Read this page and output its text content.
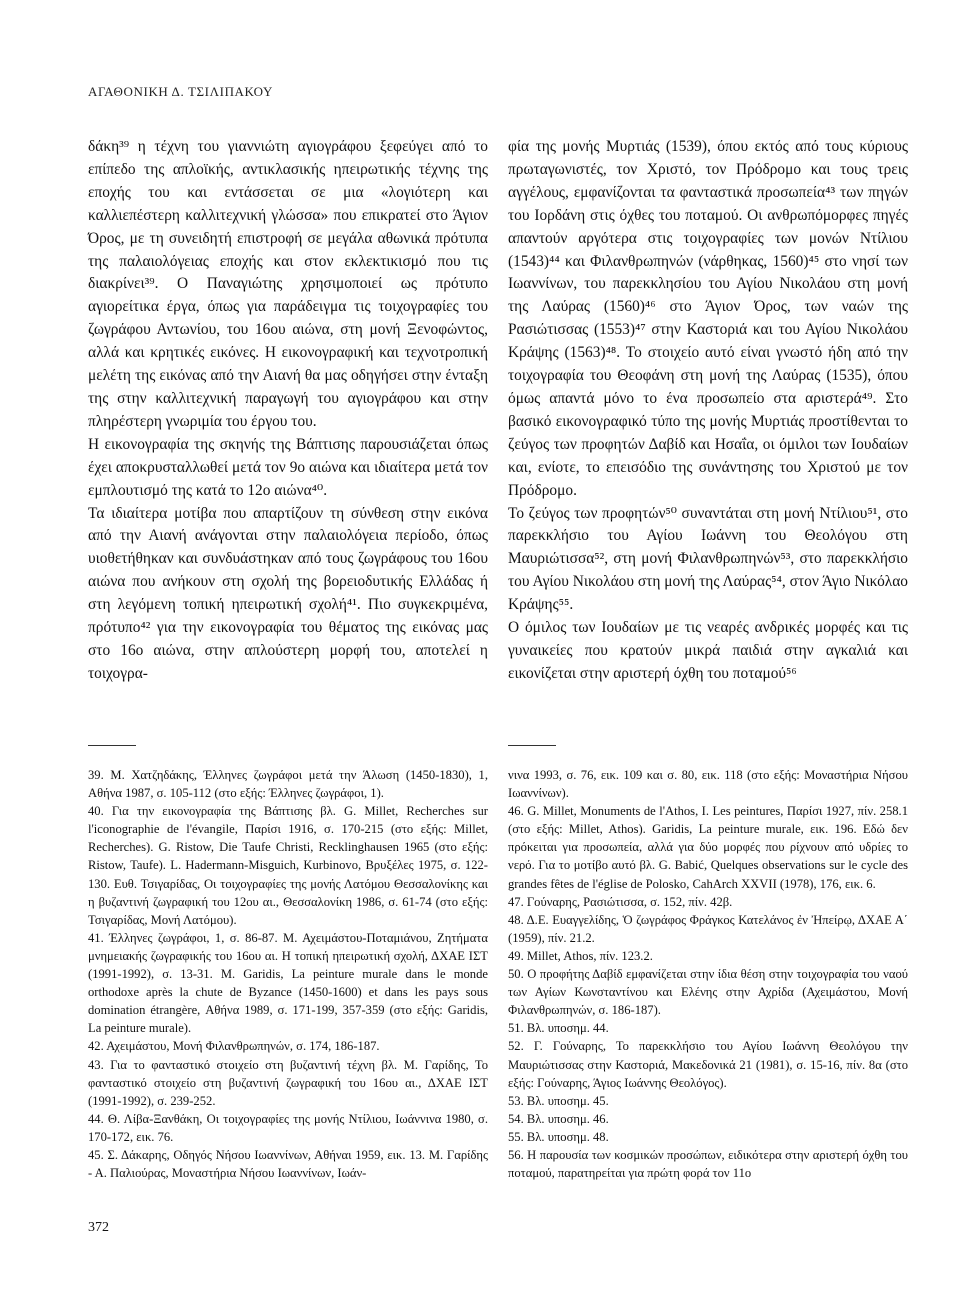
ΑΓΑΘΟΝΙΚΗ Δ. ΤΣΙΛΙΠΑΚΟΥ

δάκη³⁹ η τέχνη του γιαννιώτη αγιογράφου ξεφεύγει από το επίπεδο της απλοϊκής, αντικλασικής ηπειρωτικής τέχνης της εποχής του και εντάσσεται σε μια «λογιότερη και καλλιεπέστερη καλλιτεχνική γλώσσα» που επικρατεί στο Άγιον Όρος, με τη συνειδητή επιστροφή σε μεγάλα αθωνικά πρότυπα της παλαιολόγειας εποχής και στον εκλεκτικισμό που τις διακρίνει³⁹. Ο Παναγιώτης χρησιμοποιεί ως πρότυπο αγιορείτικα έργα, όπως για παράδειγμα τις τοιχογραφίες του ζωγράφου Αντωνίου, του 16ου αιώνα, στη μονή Ξενοφώντος, αλλά και κρητικές εικόνες. Η εικονογραφική και τεχνοτροπική μελέτη της εικόνας από την Αιανή θα μας οδηγήσει στην ένταξη της στην καλλιτεχνική παραγωγή του αγιογράφου και στην πληρέστερη γνωριμία του έργου του.

Η εικονογραφία της σκηνής της Βάπτισης παρουσιάζεται όπως έχει αποκρυσταλλωθεί μετά τον 9ο αιώνα και ιδιαίτερα μετά τον εμπλουτισμό της κατά το 12ο αιώνα⁴⁰.

Τα ιδιαίτερα μοτίβα που απαρτίζουν τη σύνθεση στην εικόνα από την Αιανή ανάγονται στην παλαιολόγεια περίοδο, όπως υιοθετήθηκαν και συνδυάστηκαν από τους ζωγράφους του 16ου αιώνα που ανήκουν στη σχολή της βορειοδυτικής Ελλάδας ή στη λεγόμενη τοπική ηπειρωτική σχολή⁴¹. Πιο συγκεκριμένα, πρότυπο⁴² για την εικονογραφία του θέματος της εικόνας μας στο 16ο αιώνα, στην απλούστερη μορφή του, αποτελεί η τοιχογρα-

φία της μονής Μυρτιάς (1539), όπου εκτός από τους κύριους πρωταγωνιστές, τον Χριστό, τον Πρόδρομο και τους τρεις αγγέλους, εμφανίζονται τα φανταστικά προσωπεία⁴³ των πηγών του Ιορδάνη στις όχθες του ποταμού. Οι ανθρωπόμορφες πηγές απαντούν αργότερα στις τοιχογραφίες των μονών Ντίλιου (1543)⁴⁴ και Φιλανθρωπηνών (νάρθηκας, 1560)⁴⁵ στο νησί των Ιωαννίνων, του παρεκκλησίου του Αγίου Νικολάου στη μονή της Λαύρας (1560)⁴⁶ στο Άγιον Όρος, των ναών της Ρασιώτισσας (1553)⁴⁷ στην Καστοριά και του Αγίου Νικολάου Κράψης (1563)⁴⁸. Το στοιχείο αυτό είναι γνωστό ήδη από την τοιχογραφία του Θεοφάνη στη μονή της Λαύρας (1535), όπου όμως απαντά μόνο το ένα προσωπείο στα αριστερά⁴⁹. Στο βασικό εικονογραφικό τύπο της μονής Μυρτιάς προστίθενται το ζεύγος των προφητών Δαβίδ και Ησαΐα, οι όμιλοι των Ιουδαίων και, ενίοτε, το επεισόδιο της συνάντησης του Χριστού με τον Πρόδρομο.

Το ζεύγος των προφητών⁵⁰ συναντάται στη μονή Ντίλιου⁵¹, στο παρεκκλήσιο του Αγίου Ιωάννη του Θεολόγου στη Μαυριώτισσα⁵², στη μονή Φιλανθρωπηνών⁵³, στο παρεκκλήσιο του Αγίου Νικολάου στη μονή της Λαύρας⁵⁴, στον Άγιο Νικόλαο Κράψης⁵⁵.

Ο όμιλος των Ιουδαίων με τις νεαρές ανδρικές μορφές και τις γυναικείες που κρατούν μικρά παιδιά στην αγκαλιά και εικονίζεται στην αριστερή όχθη του ποταμού⁵⁶

39. Μ. Χατζηδάκης, Έλληνες ζωγράφοι μετά την Άλωση (1450-1830), 1, Αθήνα 1987, σ. 105-112 (στο εξής: Έλληνες ζωγράφοι, 1).

40. Για την εικονογραφία της Βάπτισης βλ. G. Millet, Recherches sur l'iconographie de l'évangile, Παρίσι 1916, σ. 170-215 (στο εξής: Millet, Recherches). G. Ristow, Die Taufe Christi, Recklinghausen 1965 (στο εξής: Ristow, Taufe). L. Hadermann-Misguich, Kurbinovo, Βρυξέλες 1975, σ. 122-130. Ευθ. Τσιγαρίδας, Οι τοιχογραφίες της μονής Λατόμου Θεσσαλονίκης και η βυζαντινή ζωγραφική του 12ου αι., Θεσσαλονίκη 1986, σ. 61-74 (στο εξής: Τσιγαρίδας, Μονή Λατόμου).

41. Έλληνες ζωγράφοι, 1, σ. 86-87. Μ. Αχειμάστου-Ποταμιάνου, Ζητήματα μνημειακής ζωγραφικής του 16ου αι. Η τοπική ηπειρωτική σχολή, ΔΧΑΕ ΙΣΤ (1991-1992), σ. 13-31. M. Garidis, La peinture murale dans le monde orthodoxe après la chute de Byzance (1450-1600) et dans les pays sous domination étrangère, Αθήνα 1989, σ. 171-199, 357-359 (στο εξής: Garidis, La peinture murale).

42. Αχειμάστου, Μονή Φιλανθρωπηνών, σ. 174, 186-187.

43. Για το φανταστικό στοιχείο στη βυζαντινή τέχνη βλ. Μ. Γαρίδης, Το φανταστικό στοιχείο στη βυζαντινή ζωγραφική του 16ου αι., ΔΧΑΕ ΙΣΤ (1991-1992), σ. 239-252.

44. Θ. Λίβα-Ξανθάκη, Οι τοιχογραφίες της μονής Ντίλιου, Ιωάννινα 1980, σ. 170-172, εικ. 76.

45. Σ. Δάκαρης, Οδηγός Νήσου Ιωαννίνων, Αθήναι 1959, εικ. 13. Μ. Γαρίδης - Α. Παλιούρας, Μοναστήρια Νήσου Ιωαννίνων, Ιωάν-

νινα 1993, σ. 76, εικ. 109 και σ. 80, εικ. 118 (στο εξής: Μοναστήρια Νήσου Ιωαννίνων).

46. G. Millet, Monuments de l'Athos, I. Les peintures, Παρίσι 1927, πίν. 258.1 (στο εξής: Millet, Athos). Garidis, La peinture murale, εικ. 196. Εδώ δεν πρόκειται για προσωπεία, αλλά για δύο μορφές που ρίχνουν από υδρίες το νερό. Για το μοτίβο αυτό βλ. G. Babić, Quelques observations sur le cycle des grandes fêtes de l'église de Polosko, CahArch XXVII (1978), 176, εικ. 6.

47. Γούναρης, Ρασιώτισσα, σ. 152, πίν. 42β.

48. Δ.Ε. Ευαγγελίδης, Ὁ ζωγράφος Φράγκος Κατελάνος ἐν Ἠπείρῳ, ΔΧΑΕ Α΄ (1959), πίν. 21.2.

49. Millet, Athos, πίν. 123.2.

50. Ο προφήτης Δαβίδ εμφανίζεται στην ίδια θέση στην τοιχογραφία του ναού των Αγίων Κωνσταντίνου και Ελένης στην Αχρίδα (Αχειμάστου, Μονή Φιλανθρωπηνών, σ. 186-187).

51. Βλ. υποσημ. 44.

52. Γ. Γούναρης, Το παρεκκλήσιο του Αγίου Ιωάννη Θεολόγου την Μαυριώτισσας στην Καστοριά, Μακεδονικά 21 (1981), σ. 15-16, πίν. 8α (στο εξής: Γούναρης, Άγιος Ιωάννης Θεολόγος).

53. Βλ. υποσημ. 45.

54. Βλ. υποσημ. 46.

55. Βλ. υποσημ. 48.

56. Η παρουσία των κοσμικών προσώπων, ειδικότερα στην αριστερή όχθη του ποταμού, παρατηρείται για πρώτη φορά τον 11ο

372
